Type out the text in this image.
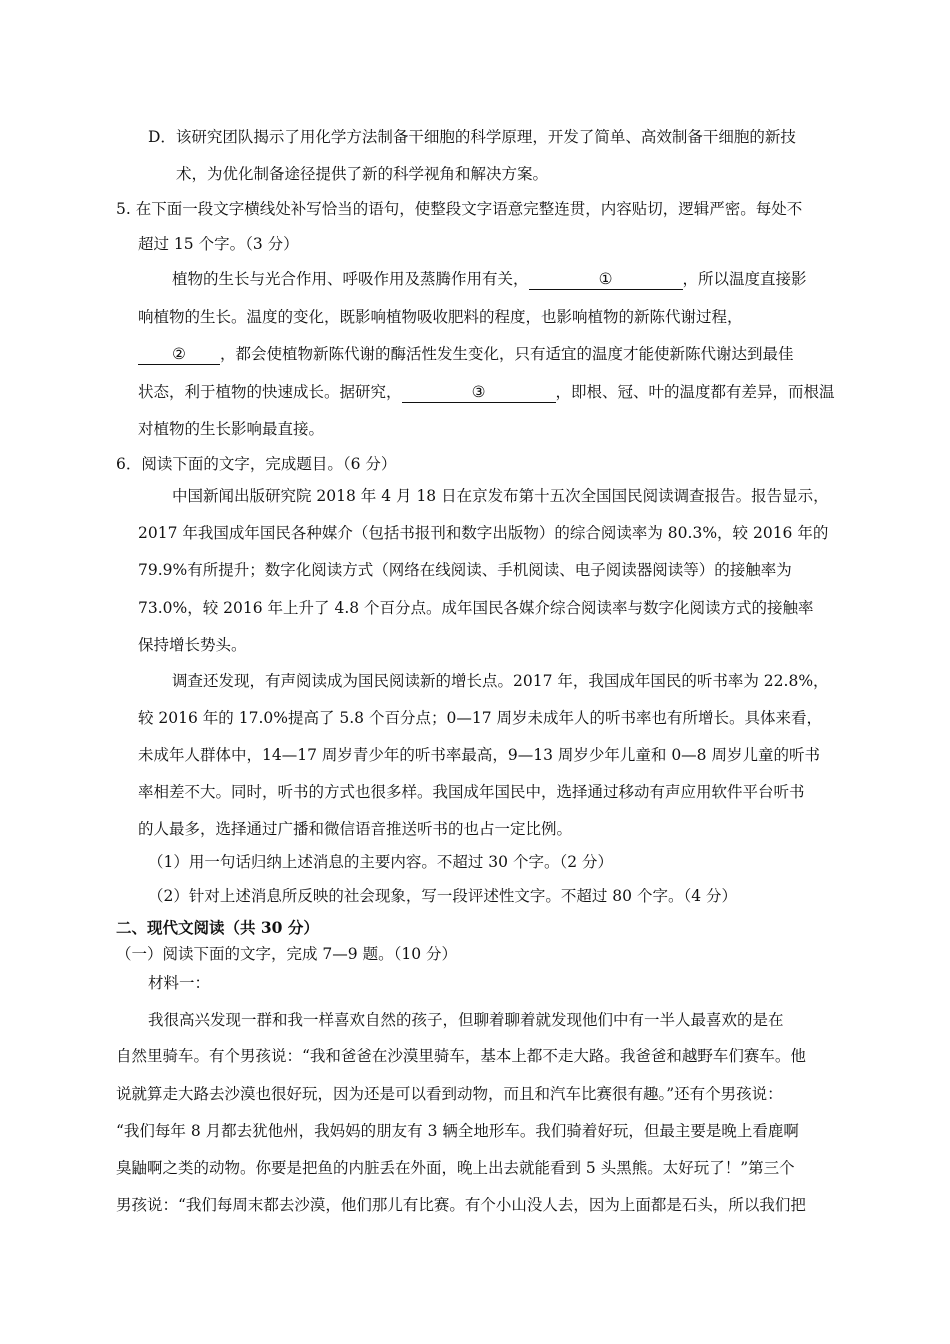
D．该研究团队揭示了用化学方法制备干细胞的科学原理，开发了简单、高效制备干细胞的新技
术，为优化制备途径提供了新的科学视角和解决方案。
5. 在下面一段文字横线处补写恰当的语句，使整段文字语意完整连贯，内容贴切，逻辑严密。每处不
超过 15 个字。（3 分）
植物的生长与光合作用、呼吸作用及蒸腾作用有关，	①	，所以温度直接影
响植物的生长。温度的变化，既影响植物吸收肥料的程度，也影响植物的新陈代谢过程，
② ，都会使植物新陈代谢的酶活性发生变化，只有适宜的温度才能使新陈代谢达到最佳
状态，利于植物的快速成长。据研究，	③	，即根、冠、叶的温度都有差异，而根温
对植物的生长影响最直接。
6．阅读下面的文字，完成题目。（6 分）
中国新闻出版研究院 2018 年 4 月 18 日在京发布第十五次全国国民阅读调查报告。报告显示，
2017 年我国成年国民各种媒介（包括书报刊和数字出版物）的综合阅读率为 80.3%，较 2016 年的
79.9%有所提升；数字化阅读方式（网络在线阅读、手机阅读、电子阅读器阅读等）的接触率为
73.0%，较 2016 年上升了 4.8 个百分点。成年国民各媒介综合阅读率与数字化阅读方式的接触率
保持增长势头。
调查还发现，有声阅读成为国民阅读新的增长点。2017 年，我国成年国民的听书率为 22.8%，
较 2016 年的 17.0%提高了 5.8 个百分点；0—17 周岁未成年人的听书率也有所增长。具体来看，
未成年人群体中，14—17 周岁青少年的听书率最高，9—13 周岁少年儿童和 0—8 周岁儿童的听书
率相差不大。同时，听书的方式也很多样。我国成年国民中，选择通过移动有声应用软件平台听书
的人最多，选择通过广播和微信语音推送听书的也占一定比例。
（1）用一句话归纳上述消息的主要内容。不超过 30 个字。（2 分）
（2）针对上述消息所反映的社会现象，写一段评述性文字。不超过 80 个字。（4 分）
二、现代文阅读（共 30 分）
（一）阅读下面的文字，完成 7—9 题。（10 分）
材料一：
我很高兴发现一群和我一样喜欢自然的孩子，但聊着聊着就发现他们中有一半人最喜欢的是在
自然里骑车。有个男孩说：“我和爸爸在沙漠里骑车，基本上都不走大路。我爸爸和越野车们赛车。他
说就算走大路去沙漠也很好玩，因为还是可以看到动物，而且和汽车比赛很有趣。”还有个男孩说：
“我们每年 8 月都去犹他州，我妈妈的朋友有 3 辆全地形车。我们骑着好玩，但最主要是晚上看鹿啊
臭鼬啊之类的动物。你要是把鱼的内脏丢在外面，晚上出去就能看到 5 头黑熊。太好玩了！”第三个
男孩说：“我们每周末都去沙漠，他们那儿有比赛。有个小山没人去，因为上面都是石头，所以我们把
